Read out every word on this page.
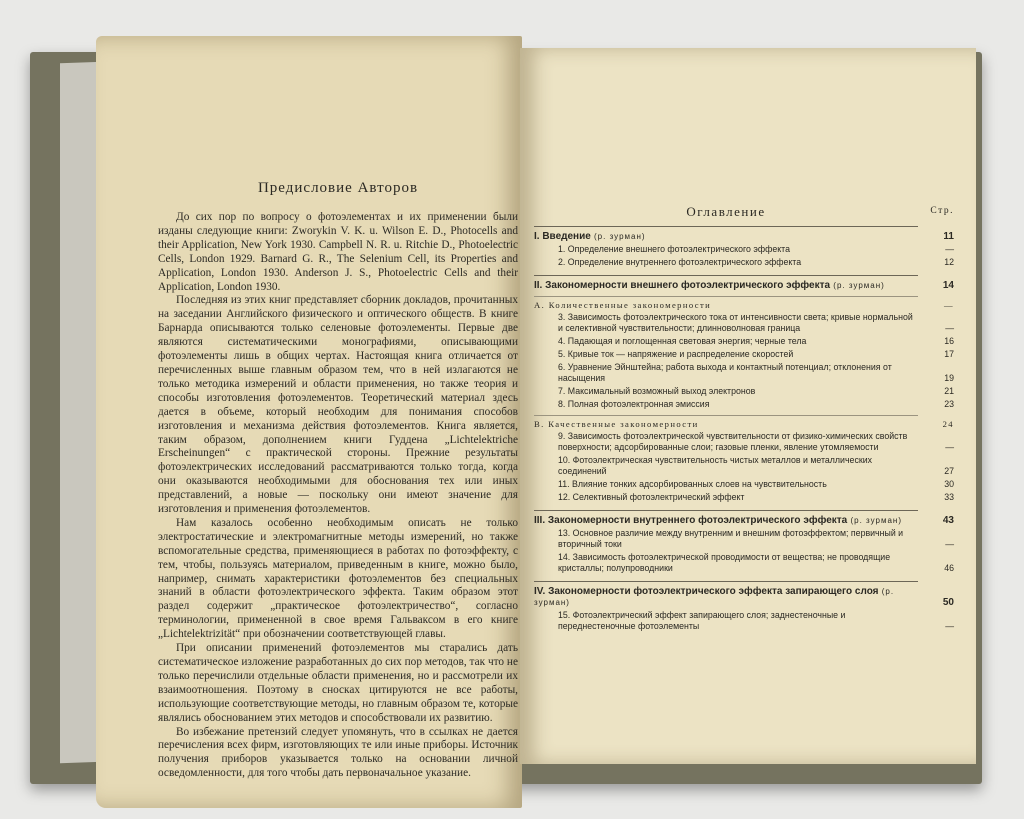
Предисловие Авторов

До сих пор по вопросу о фотоэлементах и их применении были изданы следующие книги: Zworykin V. K. u. Wilson E. D., Photocells and their Application, New York 1930. Campbell N. R. u. Ritchie D., Photoelectric Cells, London 1929. Barnard G. R., The Selenium Cell, its Properties and Application, London 1930. Anderson J. S., Photoelectric Cells and their Application, London 1930.

Последняя из этих книг представляет сборник докладов, прочитанных на заседании Английского физического и оптического обществ. В книге Барнарда описываются только селеновые фотоэлементы. Первые две являются систематическими монографиями, описывающими фотоэлементы лишь в общих чертах. Настоящая книга отличается от перечисленных выше главным образом тем, что в ней излагаются не только методика измерений и области применения, но также теория и способы изготовления фотоэлементов. Теоретический материал здесь дается в объеме, который необходим для понимания способов изготовления и механизма действия фотоэлементов. Книга является, таким образом, дополнением книги Гуддена „Lichtelektriche Erscheinungen“ с практической стороны. Прежние результаты фотоэлектрических исследований рассматриваются только тогда, когда они оказываются необходимыми для обоснования тех или иных представлений, а новые — поскольку они имеют значение для изготовления и применения фотоэлементов.

Нам казалось особенно необходимым описать не только электростатические и электромагнитные методы измерений, но также вспомогательные средства, применяющиеся в работах по фотоэффекту, с тем, чтобы, пользуясь материалом, приведенным в книге, можно было, например, снимать характеристики фотоэлементов без специальных знаний в области фотоэлектрического эффекта. Таким образом этот раздел содержит „практическое фотоэлектричество“, согласно терминологии, примененной в свое время Гальваксом в его книге „Lichtelektrizität“ при обозначении соответствующей главы.

При описании применений фотоэлементов мы старались дать систематическое изложение разработанных до сих пор методов, так что не только перечислили отдельные области применения, но и рассмотрели их взаимоотношения. Поэтому в сносках цитируются не все работы, использующие соответствующие методы, но главным образом те, которые являлись обоснованием этих методов и способствовали их развитию.

Во избежание претензий следует упомянуть, что в ссылках не дается перечисления всех фирм, изготовляющих те или иные приборы. Источник получения приборов указывается только на основании личной осведомленности, для того чтобы дать первоначальное указание.

Оглавление	Стр.
I. Введение (р. зурман)	11
1. Определение внешнего фотоэлектрического эффекта	—
2. Определение внутреннего фотоэлектрического эффекта	12
II. Закономерности внешнего фотоэлектрического эффекта (р. зурман)	14
А. Количественные закономерности	—
3. Зависимость фотоэлектрического тока от интенсивности света; кривые нормальной и селективной чувствительности; длинноволновая граница	—
4. Падающая и поглощенная световая энергия; черные тела	16
5. Кривые ток — напряжение и распределение скоростей	17
6. Уравнение Эйнштейна; работа выхода и контактный потенциал; отклонения от насыщения	19
7. Максимальный возможный выход электронов	21
8. Полная фотоэлектронная эмиссия	23
В. Качественные закономерности	24
9. Зависимость фотоэлектрической чувствительности от физико-химических свойств поверхности; адсорбированные слои; газовые пленки, явление утомляемости	—
10. Фотоэлектрическая чувствительность чистых металлов и металлических соединений	27
11. Влияние тонких адсорбированных слоев на чувствительность	30
12. Селективный фотоэлектрический эффект	33
III. Закономерности внутреннего фотоэлектрического эффекта (р. зурман)	43
13. Основное различие между внутренним и внешним фотоэффектом; первичный и вторичный токи	—
14. Зависимость фотоэлектрической проводимости от вещества; не проводящие кристаллы; полупроводники	46
IV. Закономерности фотоэлектрического эффекта запирающего слоя (р. зурман)	50
15. Фотоэлектрический эффект запирающего слоя; заднестеночные и переднестеночные фотоэлементы	—
